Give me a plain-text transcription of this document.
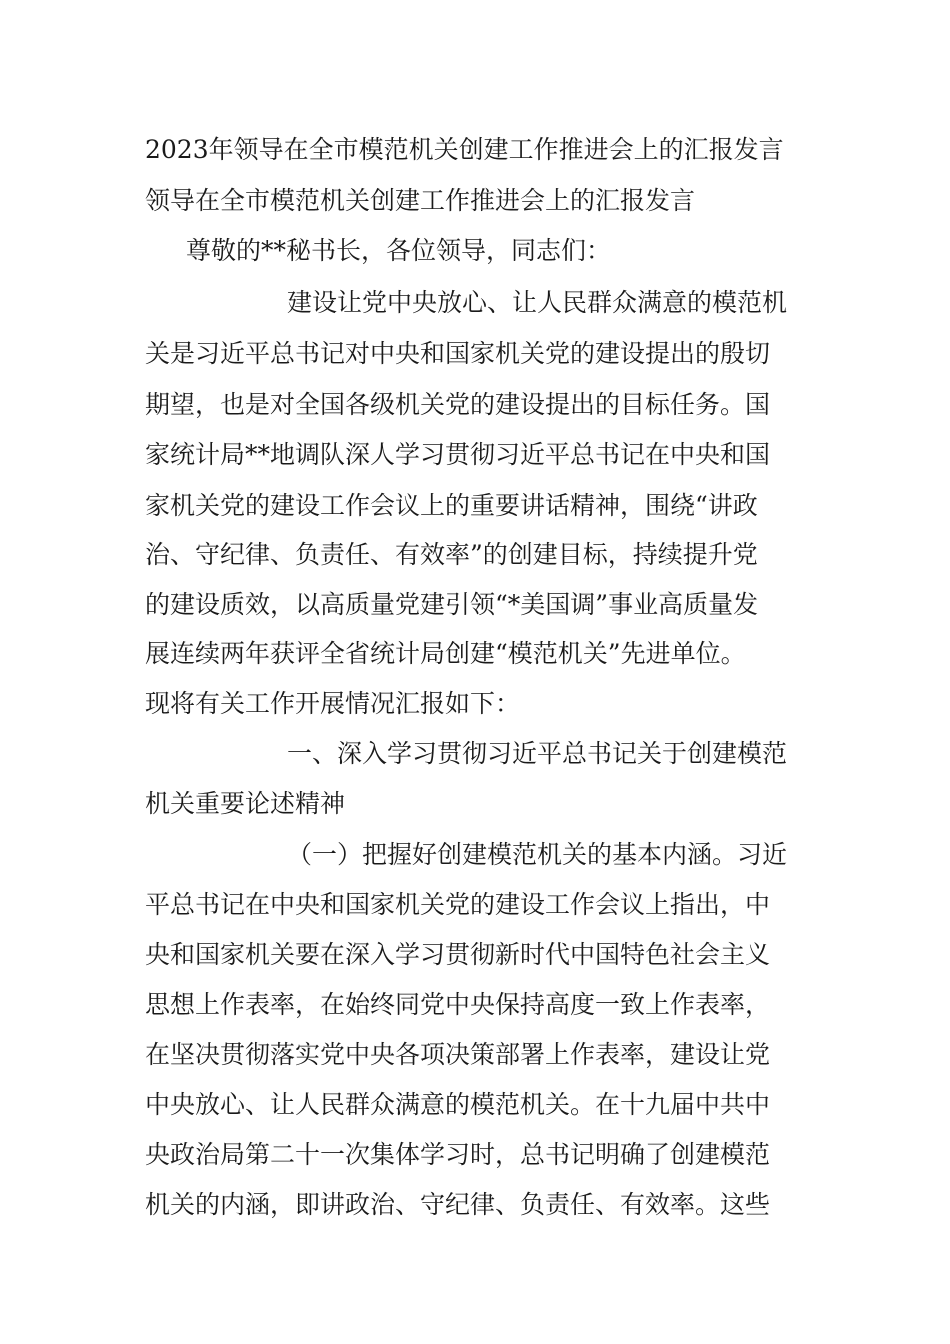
2023年领导在全市模范机关创建工作推进会上的汇报发言
领导在全市模范机关创建工作推进会上的汇报发言
尊敬的**秘书长，各位领导，同志们：
建设让党中央放心、让人民群众满意的模范机
关是习近平总书记对中央和国家机关党的建设提出的殷切
期望，也是对全国各级机关党的建设提出的目标任务。国
家统计局**地调队深人学习贯彻习近平总书记在中央和国
家机关党的建设工作会议上的重要讲话精神，围绕“讲政
治、守纪律、负责任、有效率”的创建目标，持续提升党
的建设质效，以高质量党建引领“*美国调”事业高质量发
展连续两年获评全省统计局创建“模范机关”先进单位。
现将有关工作开展情况汇报如下：
一、深入学习贯彻习近平总书记关于创建模范
机关重要论述精神
（一）把握好创建模范机关的基本内涵。习近
平总书记在中央和国家机关党的建设工作会议上指出，中
央和国家机关要在深入学习贯彻新时代中国特色社会主义
思想上作表率，在始终同党中央保持高度一致上作表率，
在坚决贯彻落实党中央各项决策部署上作表率，建设让党
中央放心、让人民群众满意的模范机关。在十九届中共中
央政治局第二十一次集体学习时，总书记明确了创建模范
机关的内涵，即讲政治、守纪律、负责任、有效率。这些
